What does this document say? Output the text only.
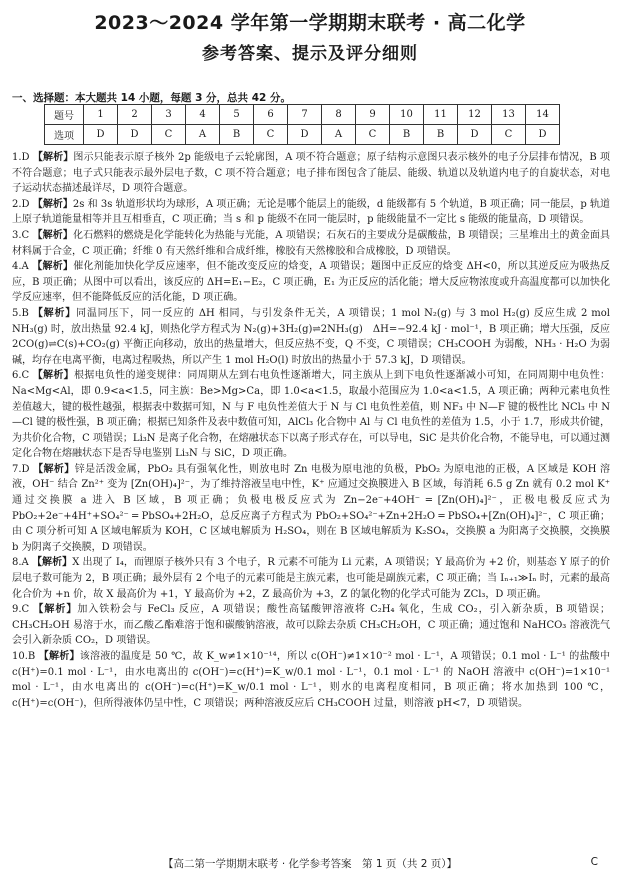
2023～2024 学年第一学期期末联考 · 高二化学
参考答案、提示及评分细则
一、选择题：本大题共 14 小题，每题 3 分，总共 42 分。
题号	1	2	3	4	5	6	7	8	9	10	11	12	13	14
选项	D	D	C	A	B	C	D	A	C	B	B	D	C	D

1.D 【解析】图示只能表示原子核外 2p 能级电子云轮廓图，A 项不符合题意；原子结构示意图只表示核外的电子分层排布情况，B 项不符合题意；电子式只能表示最外层电子数，C 项不符合题意；电子排布图包含了能层、能级、轨道以及轨道内电子的自旋状态，对电子运动状态描述最详尽，D 项符合题意。

2.D 【解析】2s 和 3s 轨道形状均为球形，A 项正确；无论是哪个能层上的能级，d 能级都有 5 个轨道，B 项正确；同一能层，p 轨道上原子轨道能量相等并且互相垂直，C 项正确；当 s 和 p 能级不在同一能层时，p 能级能量不一定比 s 能级的能量高，D 项错误。

3.C 【解析】化石燃料的燃烧是化学能转化为热能与光能，A 项错误；石灰石的主要成分是碳酸盐，B 项错误；三星堆出土的黄金面具材料属于合金，C 项正确；纤维 0 有天然纤维和合成纤维，橡胶有天然橡胶和合成橡胶，D 项错误。

4.A 【解析】催化剂能加快化学反应速率，但不能改变反应的焓变，A 项错误；题图中正反应的焓变 ΔH<0，所以其逆反应为吸热反应，B 项正确；从图中可以看出，该反应的 ΔH=E₁−E₂，C 项正确，E₁ 为正反应的活化能；增大反应物浓度或升高温度都可以加快化学反应速率，但不能降低反应的活化能，D 项正确。

5.B 【解析】同温同压下，同一反应的 ΔH 相同，与引发条件无关，A 项错误；1 mol N₂(g) 与 3 mol H₂(g) 反应生成 2 mol NH₃(g) 时，放出热量 92.4 kJ，则热化学方程式为 N₂(g)+3H₂(g)⇌2NH₃(g)　ΔH=−92.4 kJ · mol⁻¹，B 项正确；增大压强，反应 2CO(g)⇌C(s)+CO₂(g) 平衡正向移动，放出的热量增大，但反应热不变，Q 不变，C 项错误；CH₃COOH 为弱酸，NH₃ · H₂O 为弱碱，均存在电离平衡，电离过程吸热，所以产生 1 mol H₂O(l) 时放出的热量小于 57.3 kJ，D 项错误。

6.C 【解析】根据电负性的递变规律：同周期从左到右电负性逐渐增大，同主族从上到下电负性逐渐减小可知，在同周期中电负性：Na<Mg<Al，即 0.9<a<1.5，同主族：Be>Mg>Ca，即 1.0<a<1.5，取最小范围应为 1.0<a<1.5，A 项正确；两种元素电负性差值越大，键的极性越强，根据表中数据可知，N 与 F 电负性差值大于 N 与 Cl 电负性差值，则 NF₃ 中 N—F 键的极性比 NCl₃ 中 N—Cl 键的极性强，B 项正确；根据已知条件及表中数值可知，AlCl₃ 化合物中 Al 与 Cl 电负性的差值为 1.5，小于 1.7，形成共价键，为共价化合物，C 项错误；Li₃N 是离子化合物，在熔融状态下以离子形式存在，可以导电，SiC 是共价化合物，不能导电，可以通过测定化合物在熔融状态下是否导电鉴别 Li₃N 与 SiC，D 项正确。

7.D 【解析】锌是活泼金属，PbO₂ 具有强氧化性，则放电时 Zn 电极为原电池的负极，PbO₂ 为原电池的正极，A 区域是 KOH 溶液，OH⁻ 结合 Zn²⁺ 变为 [Zn(OH)₄]²⁻，为了维持溶液呈电中性，K⁺ 应通过交换膜进入 B 区域，每消耗 6.5 g Zn 就有 0.2 mol K⁺ 通过交换膜 a 进入 B 区域，B 项正确；负极电极反应式为 Zn−2e⁻+4OH⁻ ═ [Zn(OH)₄]²⁻，正极电极反应式为 PbO₂+2e⁻+4H⁺+SO₄²⁻ ═ PbSO₄+2H₂O，总反应离子方程式为 PbO₂+SO₄²⁻+Zn+2H₂O ═ PbSO₄+[Zn(OH)₄]²⁻，C 项正确；由 C 项分析可知 A 区域电解质为 KOH，C 区域电解质为 H₂SO₄，则在 B 区域电解质为 K₂SO₄，交换膜 a 为阳离子交换膜，交换膜 b 为阴离子交换膜，D 项错误。

8.A 【解析】X 出现了 I₄，而锂原子核外只有 3 个电子，R 元素不可能为 Li 元素，A 项错误；Y 最高价为 +2 价，则基态 Y 原子的价层电子数可能为 2，B 项正确；最外层有 2 个电子的元素可能是主族元素，也可能是副族元素，C 项正确；当 Iₙ₊₁≫Iₙ 时，元素的最高化合价为 +n 价，故 X 最高价为 +1，Y 最高价为 +2，Z 最高价为 +3，Z 的氯化物的化学式可能为 ZCl₃，D 项正确。

9.C 【解析】加入铁粉会与 FeCl₃ 反应，A 项错误；酸性高锰酸钾溶液将 C₂H₄ 氧化，生成 CO₂，引入新杂质，B 项错误；CH₃CH₂OH 易溶于水，而乙酸乙酯难溶于饱和碳酸钠溶液，故可以除去杂质 CH₃CH₂OH，C 项正确；通过饱和 NaHCO₃ 溶液洗气会引入新杂质 CO₂，D 项错误。

10.B 【解析】该溶液的温度是 50 ℃，故 K_w≠1×10⁻¹⁴，所以 c(OH⁻)≠1×10⁻² mol · L⁻¹，A 项错误；0.1 mol · L⁻¹ 的盐酸中 c(H⁺)=0.1 mol · L⁻¹，由水电离出的 c(OH⁻)=c(H⁺)=K_w/0.1 mol · L⁻¹，0.1 mol · L⁻¹ 的 NaOH 溶液中 c(OH⁻)=1×10⁻¹ mol · L⁻¹，由水电离出的 c(OH⁻)=c(H⁺)=K_w/0.1 mol · L⁻¹，则水的电离程度相同，B 项正确；将水加热到 100 ℃，c(H⁺)=c(OH⁻)，但所得液体仍呈中性，C 项错误；两种溶液反应后 CH₃COOH 过量，则溶液 pH<7，D 项错误。

【高二第一学期期末联考 · 化学参考答案　第 1 页（共 2 页）】	C
